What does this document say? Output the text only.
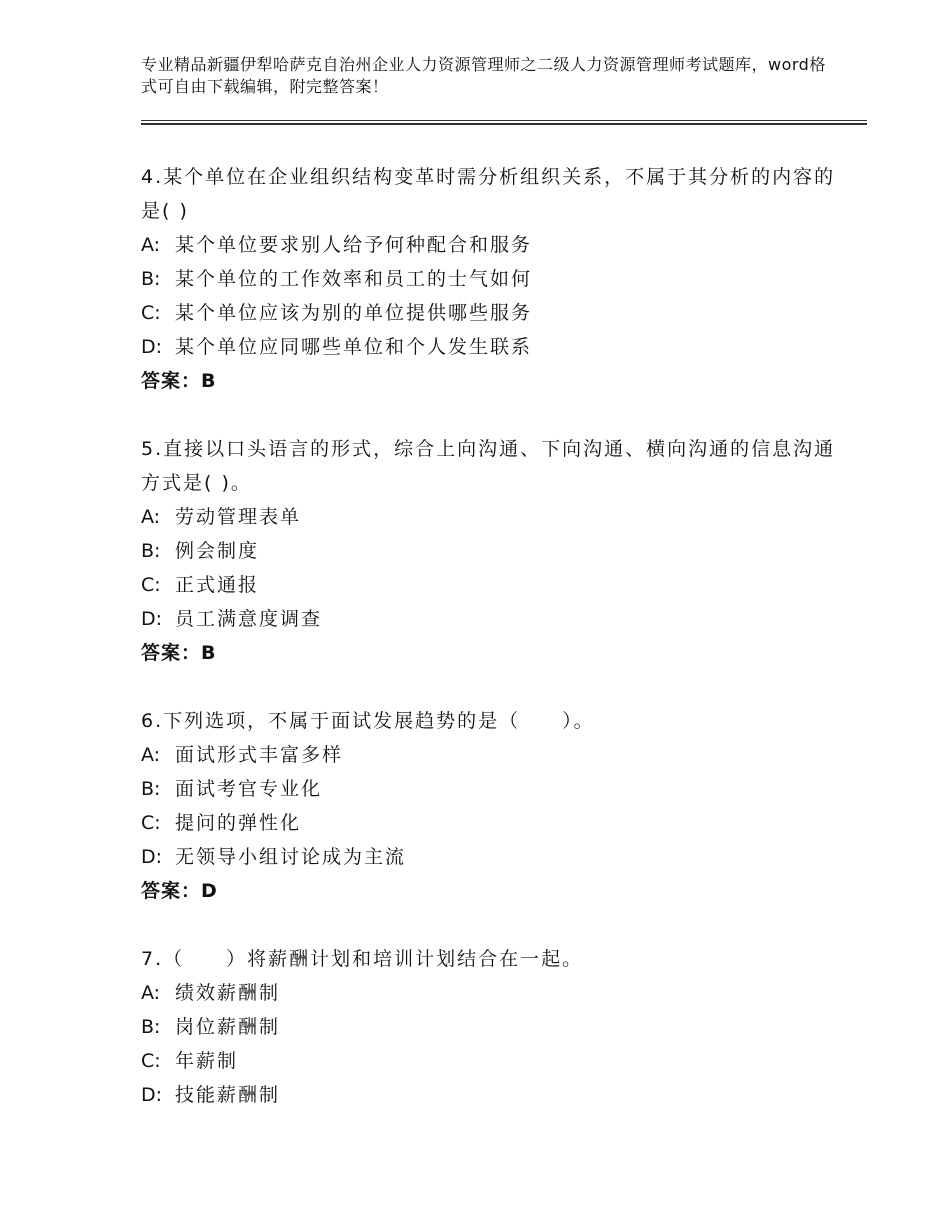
专业精品新疆伊犁哈萨克自治州企业人力资源管理师之二级人力资源管理师考试题库，word格式可自由下载编辑，附完整答案！

4.某个单位在企业组织结构变革时需分析组织关系，不属于其分析的内容的是( )

A: 某个单位要求别人给予何种配合和服务

B: 某个单位的工作效率和员工的士气如何

C: 某个单位应该为别的单位提供哪些服务

D: 某个单位应同哪些单位和个人发生联系

答案：B

5.直接以口头语言的形式，综合上向沟通、下向沟通、横向沟通的信息沟通方式是( )。

A: 劳动管理表单

B: 例会制度

C: 正式通报

D: 员工满意度调查

答案：B

6.下列选项，不属于面试发展趋势的是（　　）。

A: 面试形式丰富多样

B: 面试考官专业化

C: 提问的弹性化

D: 无领导小组讨论成为主流

答案：D

7.（　　）将薪酬计划和培训计划结合在一起。

A: 绩效薪酬制

B: 岗位薪酬制

C: 年薪制

D: 技能薪酬制
